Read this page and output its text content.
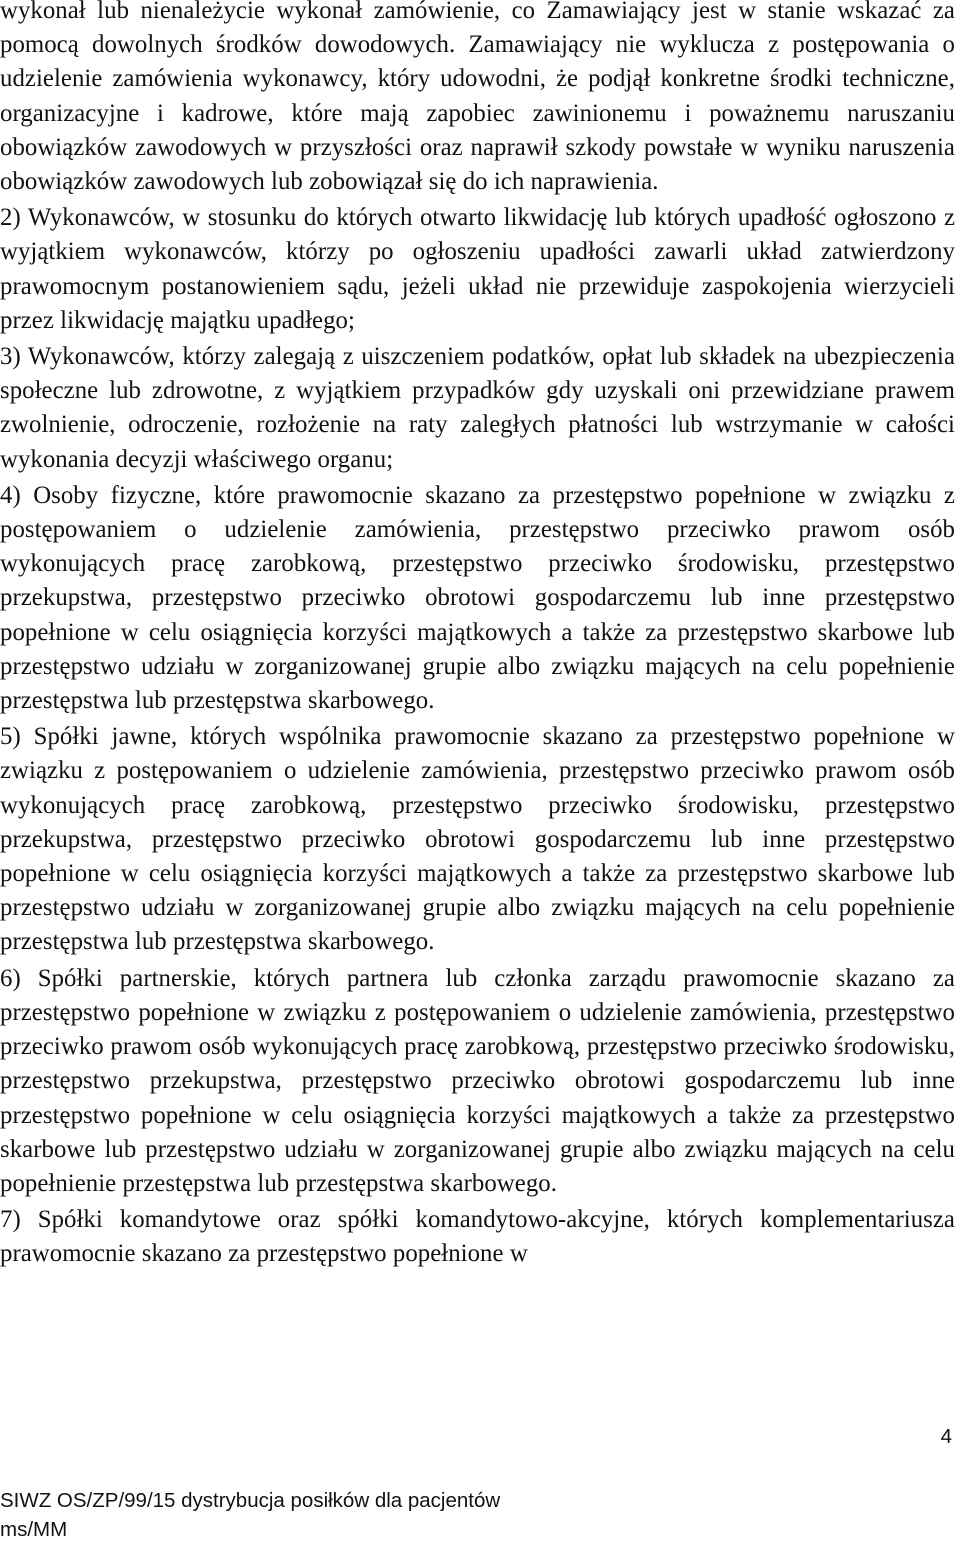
wykonał lub nienależycie wykonał zamówienie, co Zamawiający jest w stanie wskazać za pomocą dowolnych środków dowodowych. Zamawiający nie wyklucza z postępowania o udzielenie zamówienia wykonawcy, który udowodni, że podjął konkretne środki techniczne, organizacyjne i kadrowe, które mają zapobiec zawinionemu i poważnemu naruszaniu obowiązków zawodowych w przyszłości oraz naprawił szkody powstałe w wyniku naruszenia obowiązków zawodowych lub zobowiązał się do ich naprawienia.

2) Wykonawców, w stosunku do których otwarto likwidację lub których upadłość ogłoszono z wyjątkiem wykonawców, którzy po ogłoszeniu upadłości zawarli układ zatwierdzony prawomocnym postanowieniem sądu, jeżeli układ nie przewiduje zaspokojenia wierzycieli przez likwidację majątku upadłego;

3) Wykonawców, którzy zalegają z uiszczeniem podatków, opłat lub składek na ubezpieczenia społeczne lub zdrowotne, z wyjątkiem przypadków gdy uzyskali oni przewidziane prawem zwolnienie, odroczenie, rozłożenie na raty zaległych płatności lub wstrzymanie w całości wykonania decyzji właściwego organu;

4) Osoby fizyczne, które prawomocnie skazano za przestępstwo popełnione w związku z postępowaniem o udzielenie zamówienia, przestępstwo przeciwko prawom osób wykonujących pracę zarobkową, przestępstwo przeciwko środowisku, przestępstwo przekupstwa, przestępstwo przeciwko obrotowi gospodarczemu lub inne przestępstwo popełnione w celu osiągnięcia korzyści majątkowych a także za przestępstwo skarbowe lub przestępstwo udziału w zorganizowanej grupie albo związku mających na celu popełnienie przestępstwa lub przestępstwa skarbowego.

5) Spółki jawne, których wspólnika prawomocnie skazano za przestępstwo popełnione w związku z postępowaniem o udzielenie zamówienia, przestępstwo przeciwko prawom osób wykonujących pracę zarobkową, przestępstwo przeciwko środowisku, przestępstwo przekupstwa, przestępstwo przeciwko obrotowi gospodarczemu lub inne przestępstwo popełnione w celu osiągnięcia korzyści majątkowych a także za przestępstwo skarbowe lub przestępstwo udziału w zorganizowanej grupie albo związku mających na celu popełnienie przestępstwa lub przestępstwa skarbowego.

6) Spółki partnerskie, których partnera lub członka zarządu prawomocnie skazano za przestępstwo popełnione w związku z postępowaniem o udzielenie zamówienia, przestępstwo przeciwko prawom osób wykonujących pracę zarobkową, przestępstwo przeciwko środowisku, przestępstwo przekupstwa, przestępstwo przeciwko obrotowi gospodarczemu lub inne przestępstwo popełnione w celu osiągnięcia korzyści majątkowych a także za przestępstwo skarbowe lub przestępstwo udziału w zorganizowanej grupie albo związku mających na celu popełnienie przestępstwa lub przestępstwa skarbowego.

7) Spółki komandytowe oraz spółki komandytowo-akcyjne, których komplementariusza prawomocnie skazano za przestępstwo popełnione w

4
SIWZ OS/ZP/99/15 dystrybucja posiłków dla pacjentów
ms/MM
